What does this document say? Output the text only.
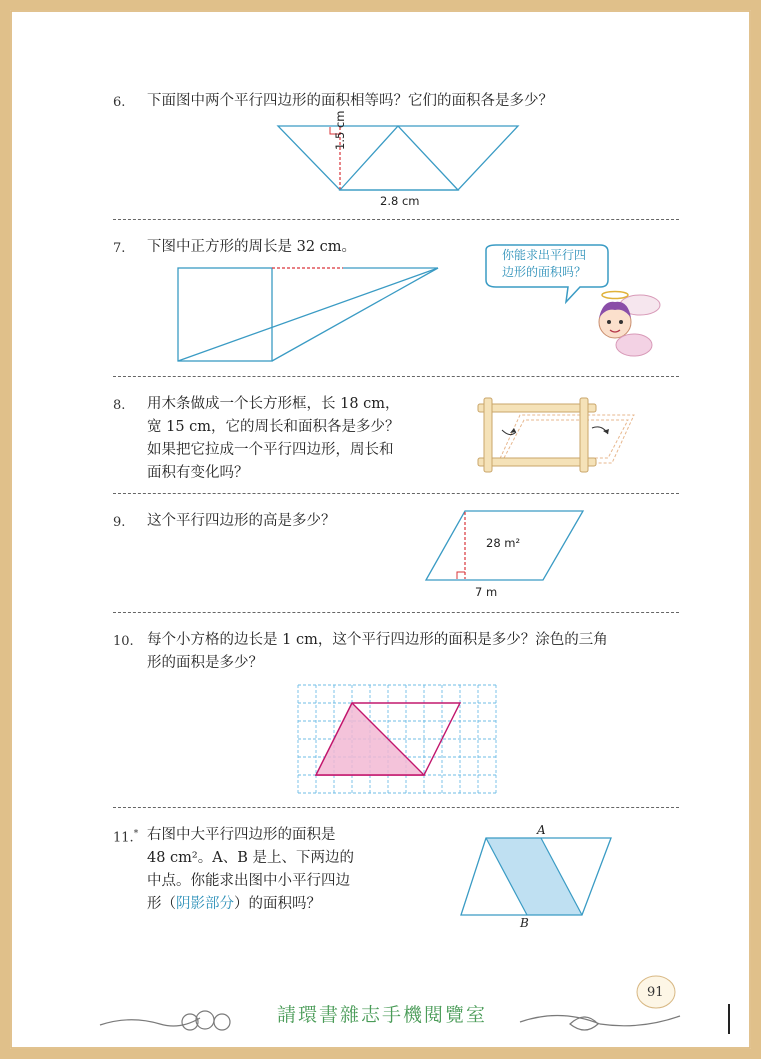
6. 下面图中两个平行四边形的面积相等吗？它们的面积各是多少？
1.5 cm
2.8 cm
7. 下图中正方形的周长是 32 cm。	你能求出平行四
边形的面积吗？
8. 用木条做成一个长方形框，长 18 cm，
宽 15 cm，它的周长和面积各是多少？
如果把它拉成一个平行四边形，周长和
面积有变化吗？
9. 这个平行四边形的高是多少？
28 m²
7 m
10. 每个小方格的边长是 1 cm，这个平行四边形的面积是多少？涂色的三角
形的面积是多少？
11.* 右图中大平行四边形的面积是
48 cm²。A、B 是上、下两边的
中点。你能求出图中小平行四边
形（阴影部分）的面积吗？
A
B
91
請環書雜志手機閱覽室
